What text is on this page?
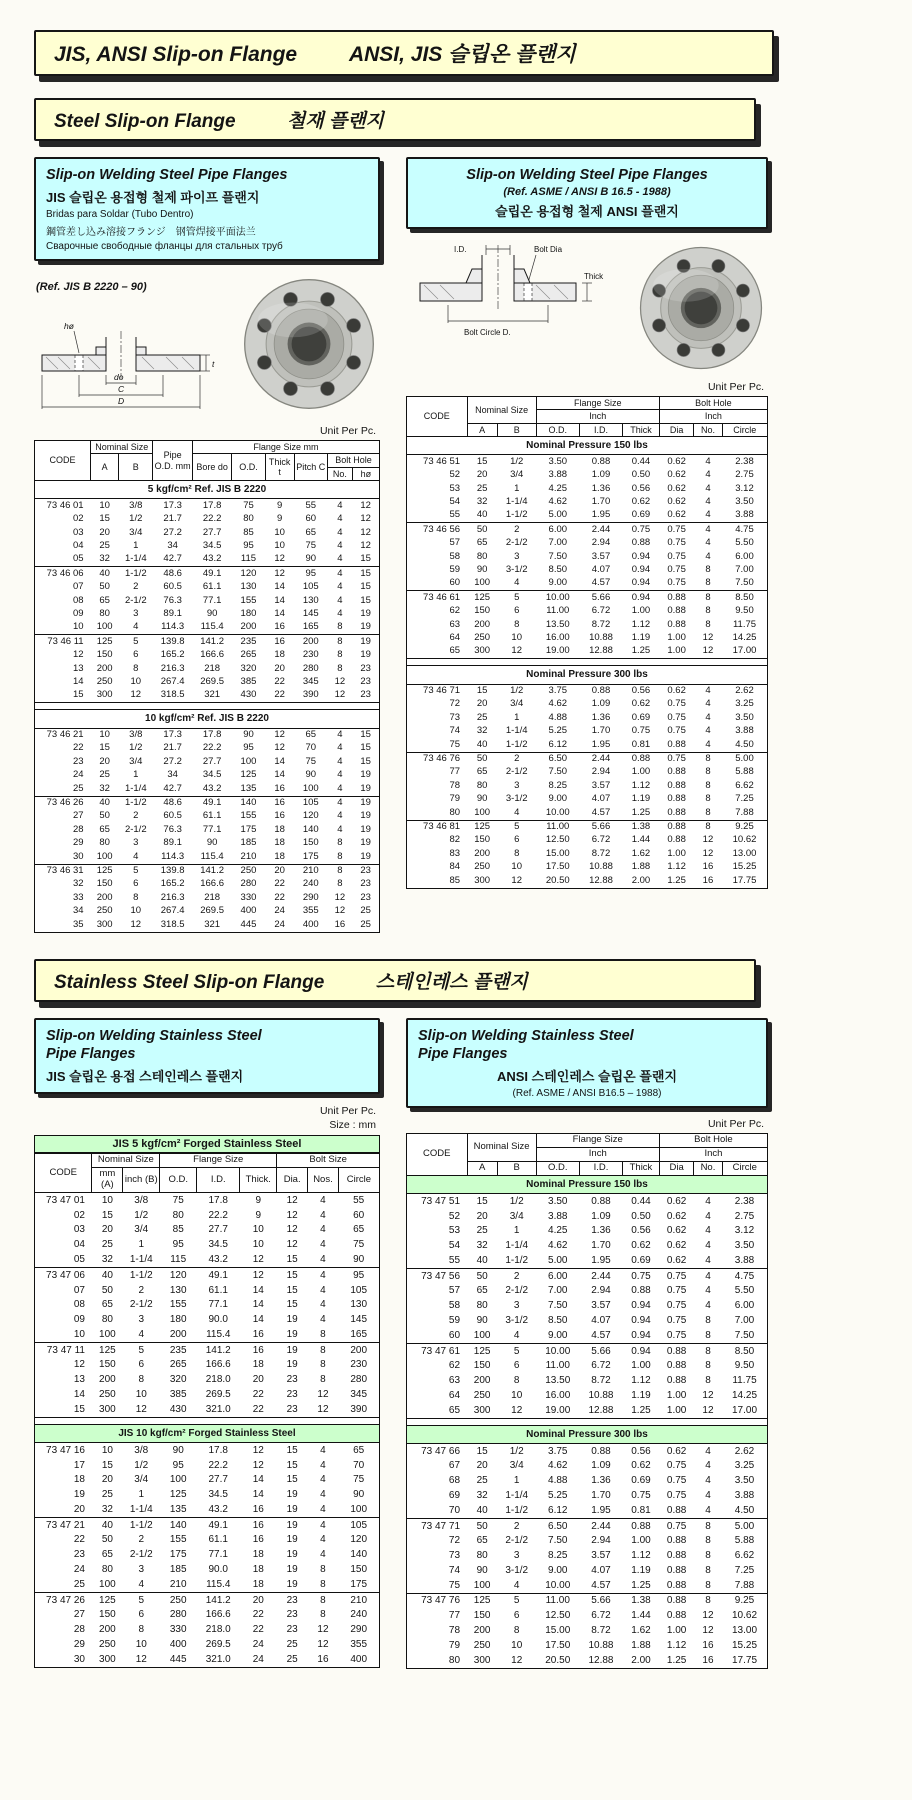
JIS, ANSI Slip-on Flange ANSI, JIS 슬립온 플랜지
Steel Slip-on Flange	철재 플랜지
Slip-on Welding Steel Pipe Flanges
JIS 슬립온 용접형 철제 파이프 플랜지
Bridas para Soldar (Tubo Dentro)
鋼管差し込み溶接フランジ　钢管焊接平面法兰
Сварочные свободные фланцы для стальных труб
(Ref. JIS B 2220 – 90)
hø
t
do
C
D
Unit Per Pc.
CODE	Nominal Size		Pipe O.D. mm	Flange Size mm					
	A	B		Bore do	O.D.	Thick t	Pitch C	Bolt Hole	
								No.	hø
5 kgf/cm² Ref. JIS B 2220									
73 46 01	10	3/8	17.3	17.8	75	9	55	4	12
02	15	1/2	21.7	22.2	80	9	60	4	12
03	20	3/4	27.2	27.7	85	10	65	4	12
04	25	1	34	34.5	95	10	75	4	12
05	32	1-1/4	42.7	43.2	115	12	90	4	15
73 46 06	40	1-1/2	48.6	49.1	120	12	95	4	15
07	50	2	60.5	61.1	130	14	105	4	15
08	65	2-1/2	76.3	77.1	155	14	130	4	15
09	80	3	89.1	90	180	14	145	4	19
10	100	4	114.3	115.4	200	16	165	8	19
73 46 11	125	5	139.8	141.2	235	16	200	8	19
12	150	6	165.2	166.6	265	18	230	8	19
13	200	8	216.3	218	320	20	280	8	23
14	250	10	267.4	269.5	385	22	345	12	23
15	300	12	318.5	321	430	22	390	12	23

10 kgf/cm² Ref. JIS B 2220									
73 46 21	10	3/8	17.3	17.8	90	12	65	4	15
22	15	1/2	21.7	22.2	95	12	70	4	15
23	20	3/4	27.2	27.7	100	14	75	4	15
24	25	1	34	34.5	125	14	90	4	19
25	32	1-1/4	42.7	43.2	135	16	100	4	19
73 46 26	40	1-1/2	48.6	49.1	140	16	105	4	19
27	50	2	60.5	61.1	155	16	120	4	19
28	65	2-1/2	76.3	77.1	175	18	140	4	19
29	80	3	89.1	90	185	18	150	8	19
30	100	4	114.3	115.4	210	18	175	8	19
73 46 31	125	5	139.8	141.2	250	20	210	8	23
32	150	6	165.2	166.6	280	22	240	8	23
33	200	8	216.3	218	330	22	290	12	23
34	250	10	267.4	269.5	400	24	355	12	25
35	300	12	318.5	321	445	24	400	16	25
Slip-on Welding Steel Pipe Flanges
(Ref. ASME / ANSI B 16.5 - 1988)
슬립온 용접형 철제 ANSI 플랜지
I.D.	Bolt Dia
Thick
Bolt Circle D.
Unit Per Pc.
CODE	Nominal Size		Flange Size			Bolt Hole		
			Inch			Inch		
	A	B	O.D.	I.D.	Thick	Dia	No.	Circle
Nominal Pressure 150 lbs								
73 46 51	15	1/2	3.50	0.88	0.44	0.62	4	2.38
52	20	3/4	3.88	1.09	0.50	0.62	4	2.75
53	25	1	4.25	1.36	0.56	0.62	4	3.12
54	32	1-1/4	4.62	1.70	0.62	0.62	4	3.50
55	40	1-1/2	5.00	1.95	0.69	0.62	4	3.88
73 46 56	50	2	6.00	2.44	0.75	0.75	4	4.75
57	65	2-1/2	7.00	2.94	0.88	0.75	4	5.50
58	80	3	7.50	3.57	0.94	0.75	4	6.00
59	90	3-1/2	8.50	4.07	0.94	0.75	8	7.00
60	100	4	9.00	4.57	0.94	0.75	8	7.50
73 46 61	125	5	10.00	5.66	0.94	0.88	8	8.50
62	150	6	11.00	6.72	1.00	0.88	8	9.50
63	200	8	13.50	8.72	1.12	0.88	8	11.75
64	250	10	16.00	10.88	1.19	1.00	12	14.25
65	300	12	19.00	12.88	1.25	1.00	12	17.00

Nominal Pressure 300 lbs								
73 46 71	15	1/2	3.75	0.88	0.56	0.62	4	2.62
72	20	3/4	4.62	1.09	0.62	0.75	4	3.25
73	25	1	4.88	1.36	0.69	0.75	4	3.50
74	32	1-1/4	5.25	1.70	0.75	0.75	4	3.88
75	40	1-1/2	6.12	1.95	0.81	0.88	4	4.50
73 46 76	50	2	6.50	2.44	0.88	0.75	8	5.00
77	65	2-1/2	7.50	2.94	1.00	0.88	8	5.88
78	80	3	8.25	3.57	1.12	0.88	8	6.62
79	90	3-1/2	9.00	4.07	1.19	0.88	8	7.25
80	100	4	10.00	4.57	1.25	0.88	8	7.88
73 46 81	125	5	11.00	5.66	1.38	0.88	8	9.25
82	150	6	12.50	6.72	1.44	0.88	12	10.62
83	200	8	15.00	8.72	1.62	1.00	12	13.00
84	250	10	17.50	10.88	1.88	1.12	16	15.25
85	300	12	20.50	12.88	2.00	1.25	16	17.75
Stainless Steel Slip-on Flange	스테인레스 플랜지
Slip-on Welding Stainless Steel
Pipe Flanges
JIS 슬립온 용접 스테인레스 플랜지
Unit Per Pc.
Size : mm
JIS 5 kgf/cm² Forged Stainless Steel
CODE	Nominal Size		Flange Size			Bolt Size		
	mm (A)	inch (B)	O.D.	I.D.	Thick.	Dia.	Nos.	Circle
73 47 01	10	3/8	75	17.8	9	12	4	55
02	15	1/2	80	22.2	9	12	4	60
03	20	3/4	85	27.7	10	12	4	65
04	25	1	95	34.5	10	12	4	75
05	32	1-1/4	115	43.2	12	15	4	90
73 47 06	40	1-1/2	120	49.1	12	15	4	95
07	50	2	130	61.1	14	15	4	105
08	65	2-1/2	155	77.1	14	15	4	130
09	80	3	180	90.0	14	19	4	145
10	100	4	200	115.4	16	19	8	165
73 47 11	125	5	235	141.2	16	19	8	200
12	150	6	265	166.6	18	19	8	230
13	200	8	320	218.0	20	23	8	280
14	250	10	385	269.5	22	23	12	345
15	300	12	430	321.0	22	23	12	390

JIS 10 kgf/cm² Forged Stainless Steel								
73 47 16	10	3/8	90	17.8	12	15	4	65
17	15	1/2	95	22.2	12	15	4	70
18	20	3/4	100	27.7	14	15	4	75
19	25	1	125	34.5	14	19	4	90
20	32	1-1/4	135	43.2	16	19	4	100
73 47 21	40	1-1/2	140	49.1	16	19	4	105
22	50	2	155	61.1	16	19	4	120
23	65	2-1/2	175	77.1	18	19	4	140
24	80	3	185	90.0	18	19	8	150
25	100	4	210	115.4	18	19	8	175
73 47 26	125	5	250	141.2	20	23	8	210
27	150	6	280	166.6	22	23	8	240
28	200	8	330	218.0	22	23	12	290
29	250	10	400	269.5	24	25	12	355
30	300	12	445	321.0	24	25	16	400
Slip-on Welding Stainless Steel
Pipe Flanges
ANSI 스테인레스 슬립온 플랜지
(Ref. ASME / ANSI B16.5 – 1988)
Unit Per Pc.
CODE	Nominal Size		Flange Size			Bolt Hole		
			Inch			Inch		
	A	B	O.D.	I.D.	Thick	Dia	No.	Circle
Nominal Pressure 150 lbs								
73 47 51	15	1/2	3.50	0.88	0.44	0.62	4	2.38
52	20	3/4	3.88	1.09	0.50	0.62	4	2.75
53	25	1	4.25	1.36	0.56	0.62	4	3.12
54	32	1-1/4	4.62	1.70	0.62	0.62	4	3.50
55	40	1-1/2	5.00	1.95	0.69	0.62	4	3.88
73 47 56	50	2	6.00	2.44	0.75	0.75	4	4.75
57	65	2-1/2	7.00	2.94	0.88	0.75	4	5.50
58	80	3	7.50	3.57	0.94	0.75	4	6.00
59	90	3-1/2	8.50	4.07	0.94	0.75	8	7.00
60	100	4	9.00	4.57	0.94	0.75	8	7.50
73 47 61	125	5	10.00	5.66	0.94	0.88	8	8.50
62	150	6	11.00	6.72	1.00	0.88	8	9.50
63	200	8	13.50	8.72	1.12	0.88	8	11.75
64	250	10	16.00	10.88	1.19	1.00	12	14.25
65	300	12	19.00	12.88	1.25	1.00	12	17.00

Nominal Pressure 300 lbs								
73 47 66	15	1/2	3.75	0.88	0.56	0.62	4	2.62
67	20	3/4	4.62	1.09	0.62	0.75	4	3.25
68	25	1	4.88	1.36	0.69	0.75	4	3.50
69	32	1-1/4	5.25	1.70	0.75	0.75	4	3.88
70	40	1-1/2	6.12	1.95	0.81	0.88	4	4.50
73 47 71	50	2	6.50	2.44	0.88	0.75	8	5.00
72	65	2-1/2	7.50	2.94	1.00	0.88	8	5.88
73	80	3	8.25	3.57	1.12	0.88	8	6.62
74	90	3-1/2	9.00	4.07	1.19	0.88	8	7.25
75	100	4	10.00	4.57	1.25	0.88	8	7.88
73 47 76	125	5	11.00	5.66	1.38	0.88	8	9.25
77	150	6	12.50	6.72	1.44	0.88	12	10.62
78	200	8	15.00	8.72	1.62	1.00	12	13.00
79	250	10	17.50	10.88	1.88	1.12	16	15.25
80	300	12	20.50	12.88	2.00	1.25	16	17.75
